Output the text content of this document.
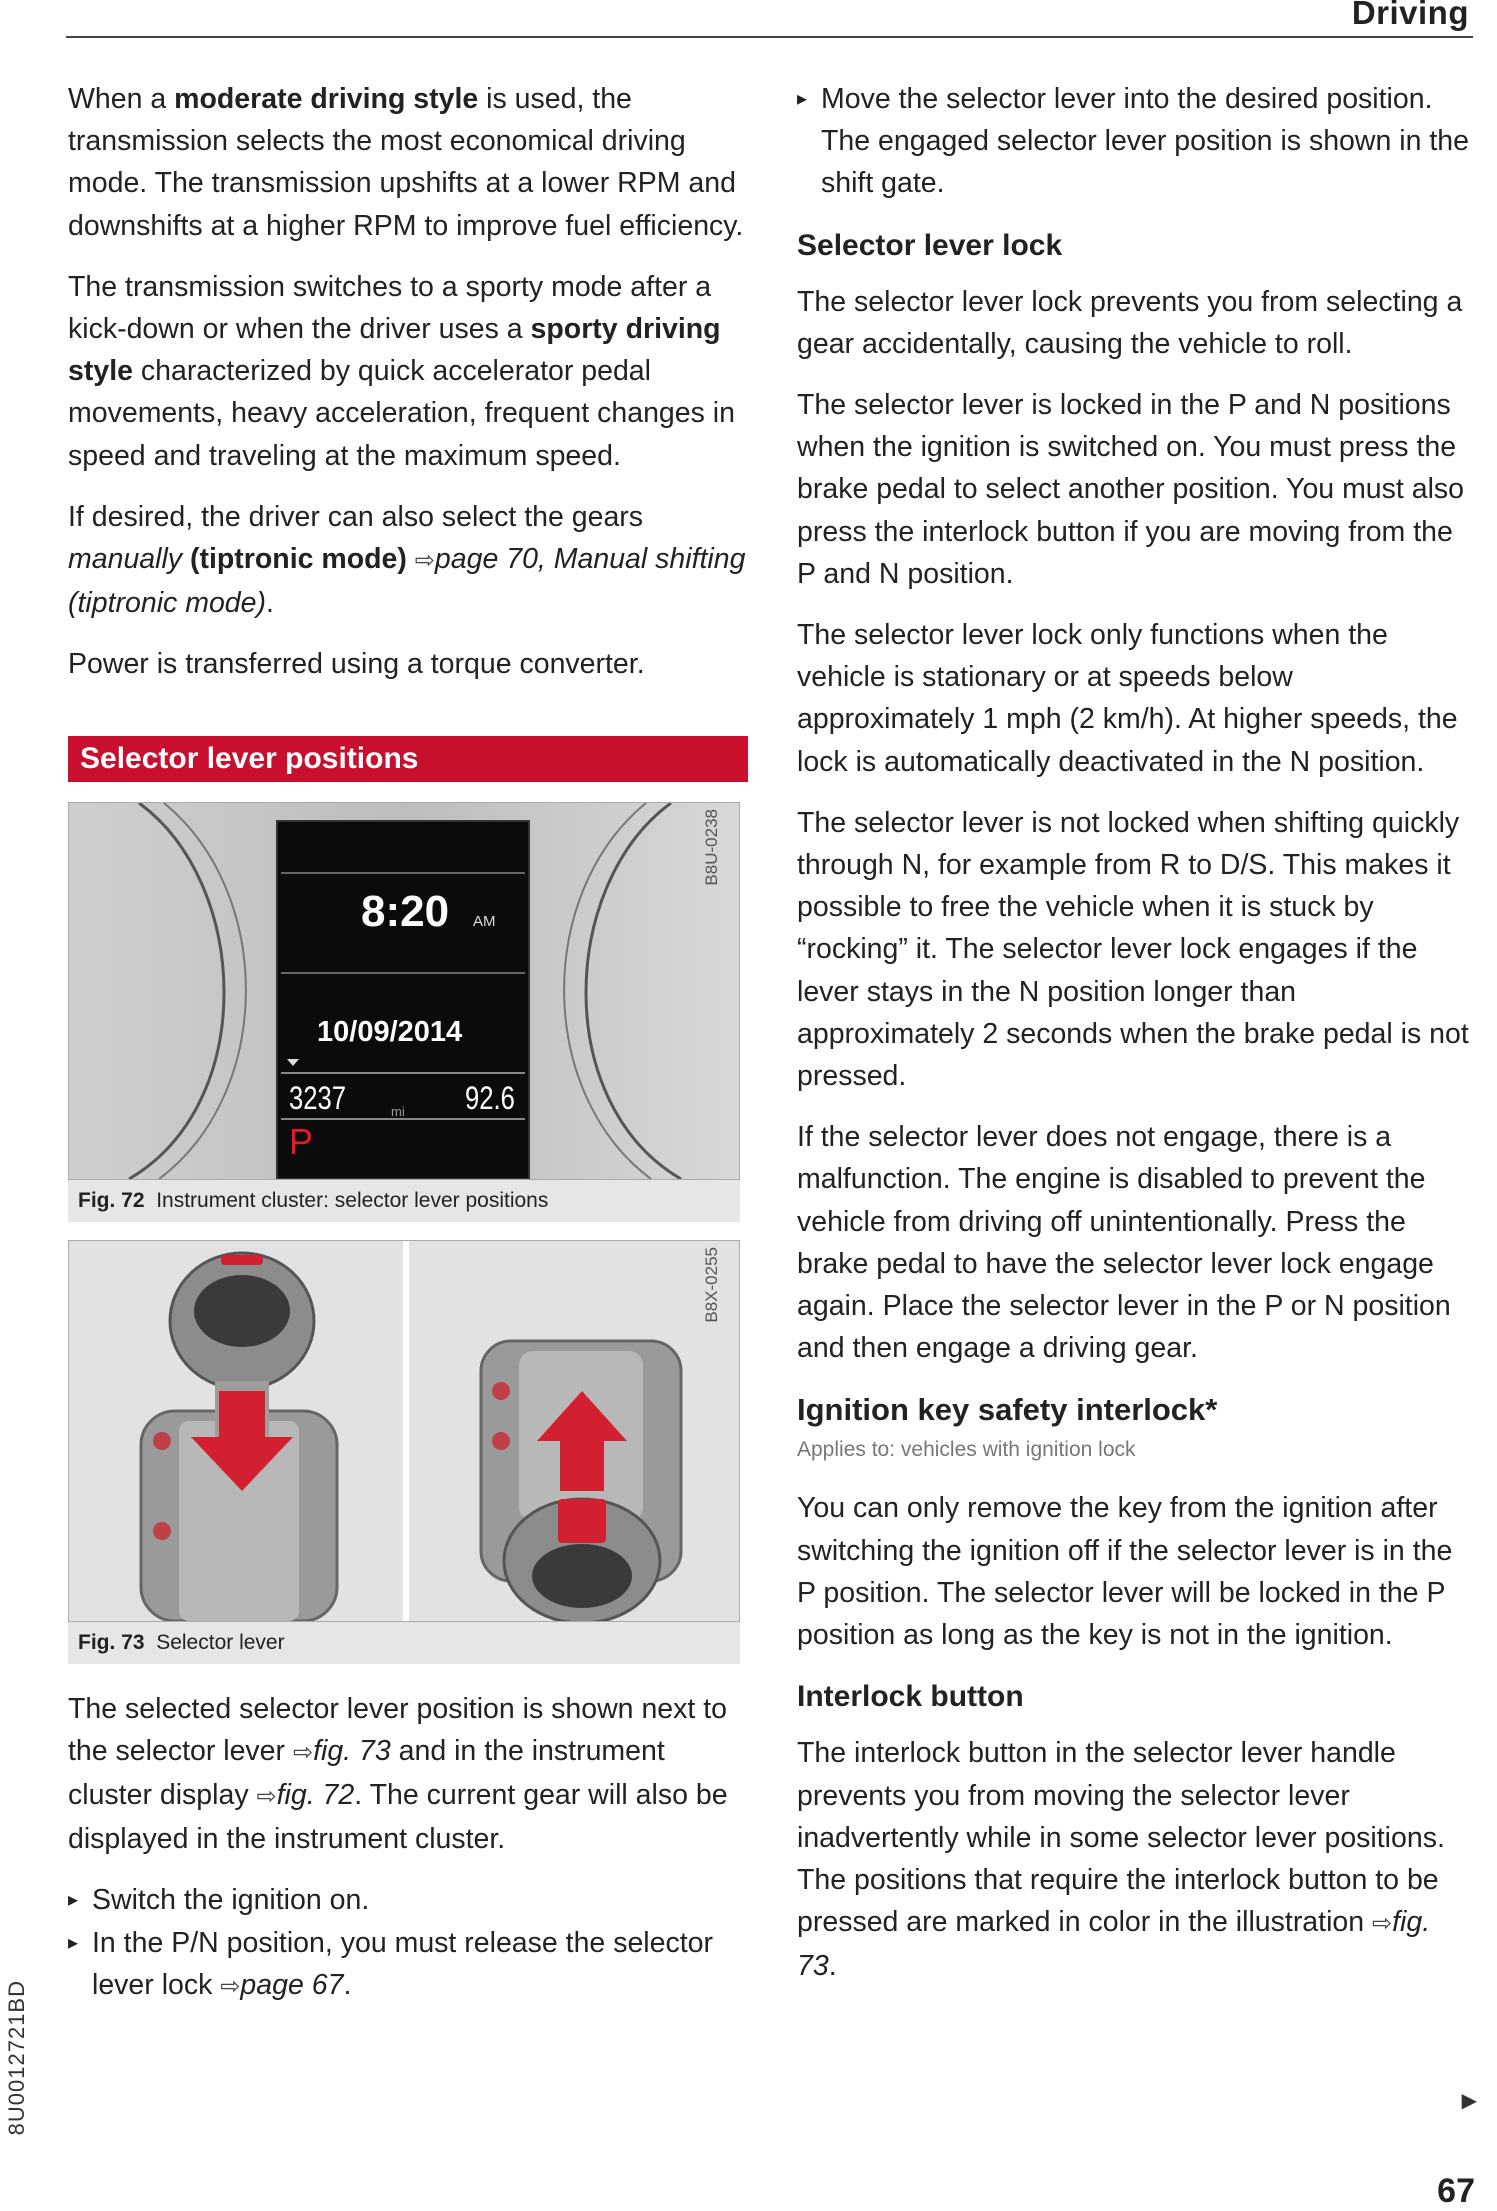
Driving

When a moderate driving style is used, the transmission selects the most economical driving mode. The transmission upshifts at a lower RPM and downshifts at a higher RPM to improve fuel efficiency.

The transmission switches to a sporty mode after a kick-down or when the driver uses a sporty driving style characterized by quick accelerator pedal movements, heavy acceleration, frequent changes in speed and traveling at the maximum speed.

If desired, the driver can also select the gears manually (tiptronic mode) ⇨page 70, Manual shifting (tiptronic mode).

Power is transferred using a torque converter.

Selector lever positions
8:20 AM
10/09/2014
3237	mi 92.6
P
B8U-0238
Fig. 72 Instrument cluster: selector lever positions
B8X-0255
Fig. 73 Selector lever

The selected selector lever position is shown next to the selector lever ⇨fig. 73 and in the instrument cluster display ⇨fig. 72. The current gear will also be displayed in the instrument cluster.

▸ Switch the ignition on.

▸ In the P/N position, you must release the selector lever lock ⇨page 67.

▸ Move the selector lever into the desired position. The engaged selector lever position is shown in the shift gate.

Selector lever lock

The selector lever lock prevents you from selecting a gear accidentally, causing the vehicle to roll.

The selector lever is locked in the P and N positions when the ignition is switched on. You must press the brake pedal to select another position. You must also press the interlock button if you are moving from the P and N position.

The selector lever lock only functions when the vehicle is stationary or at speeds below approximately 1 mph (2 km/h). At higher speeds, the lock is automatically deactivated in the N position.

The selector lever is not locked when shifting quickly through N, for example from R to D/S. This makes it possible to free the vehicle when it is stuck by “rocking” it. The selector lever lock engages if the lever stays in the N position longer than approximately 2 seconds when the brake pedal is not pressed.

If the selector lever does not engage, there is a malfunction. The engine is disabled to prevent the vehicle from driving off unintentionally. Press the brake pedal to have the selector lever lock engage again. Place the selector lever in the P or N position and then engage a driving gear.

Ignition key safety interlock*
Applies to: vehicles with ignition lock

You can only remove the key from the ignition after switching the ignition off if the selector lever is in the P position. The selector lever will be locked in the P position as long as the key is not in the ignition.

Interlock button

The interlock button in the selector lever handle prevents you from moving the selector lever inadvertently while in some selector lever positions. The positions that require the interlock button to be pressed are marked in color in the illustration ⇨fig. 73.

▶
8U0012721BD
67
